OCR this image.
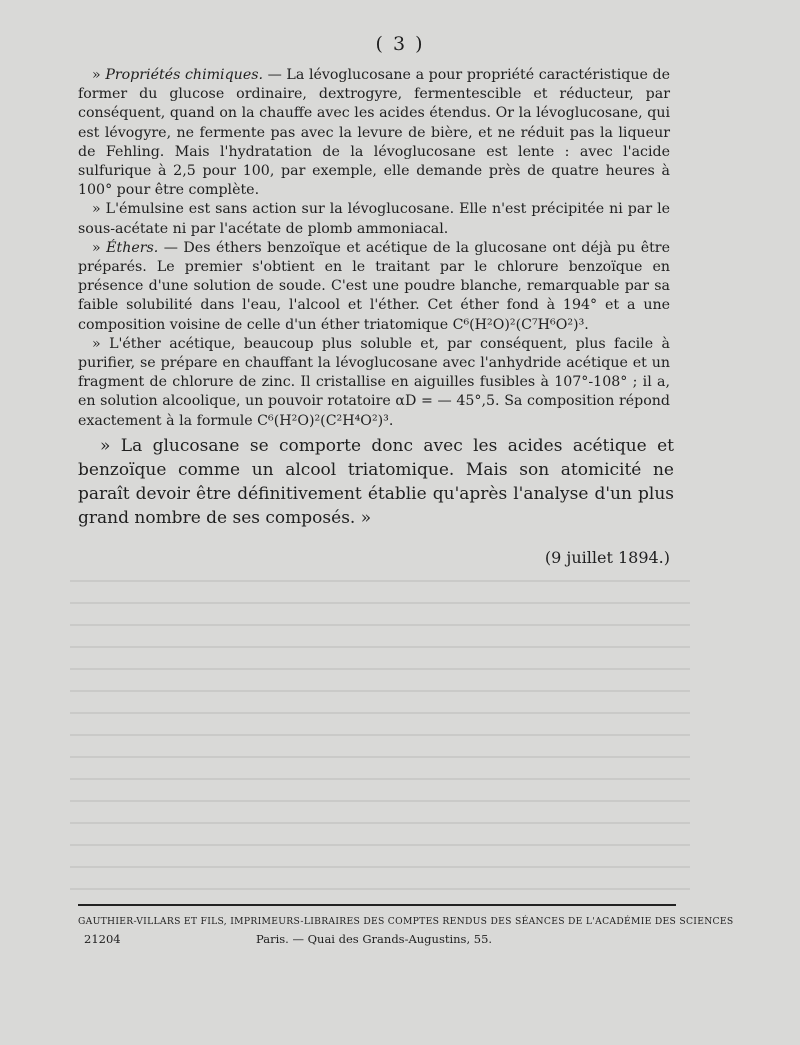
( 3 )

» Propriétés chimiques. — La lévoglucosane a pour propriété caractéristique de former du glucose ordinaire, dextrogyre, fermentescible et réducteur, par conséquent, quand on la chauffe avec les acides étendus. Or la lévoglucosane, qui est lévogyre, ne fermente pas avec la levure de bière, et ne réduit pas la liqueur de Fehling. Mais l'hydratation de la lévoglucosane est lente : avec l'acide sulfurique à 2,5 pour 100, par exemple, elle demande près de quatre heures à 100° pour être complète.

» L'émulsine est sans action sur la lévoglucosane. Elle n'est précipitée ni par le sous-acétate ni par l'acétate de plomb ammoniacal.

» Éthers. — Des éthers benzoïque et acétique de la glucosane ont déjà pu être préparés. Le premier s'obtient en le traitant par le chlorure benzoïque en présence d'une solution de soude. C'est une poudre blanche, remarquable par sa faible solubilité dans l'eau, l'alcool et l'éther. Cet éther fond à 194° et a une composition voisine de celle d'un éther triatomique C⁶(H²O)²(C⁷H⁶O²)³.

» L'éther acétique, beaucoup plus soluble et, par conséquent, plus facile à purifier, se prépare en chauffant la lévoglucosane avec l'anhydride acétique et un fragment de chlorure de zinc. Il cristallise en aiguilles fusibles à 107°-108° ; il a, en solution alcoolique, un pouvoir rotatoire αD = — 45°,5. Sa composition répond exactement à la formule C⁶(H²O)²(C²H⁴O²)³.

» La glucosane se comporte donc avec les acides acétique et benzoïque comme un alcool triatomique. Mais son atomicité ne paraît devoir être définitivement établie qu'après l'analyse d'un plus grand nombre de ses composés. »

(9 juillet 1894.)
GAUTHIER-VILLARS ET FILS, IMPRIMEURS-LIBRAIRES DES COMPTES RENDUS DES SÉANCES DE L'ACADÉMIE DES SCIENCES
21204	Paris. — Quai des Grands-Augustins, 55.
